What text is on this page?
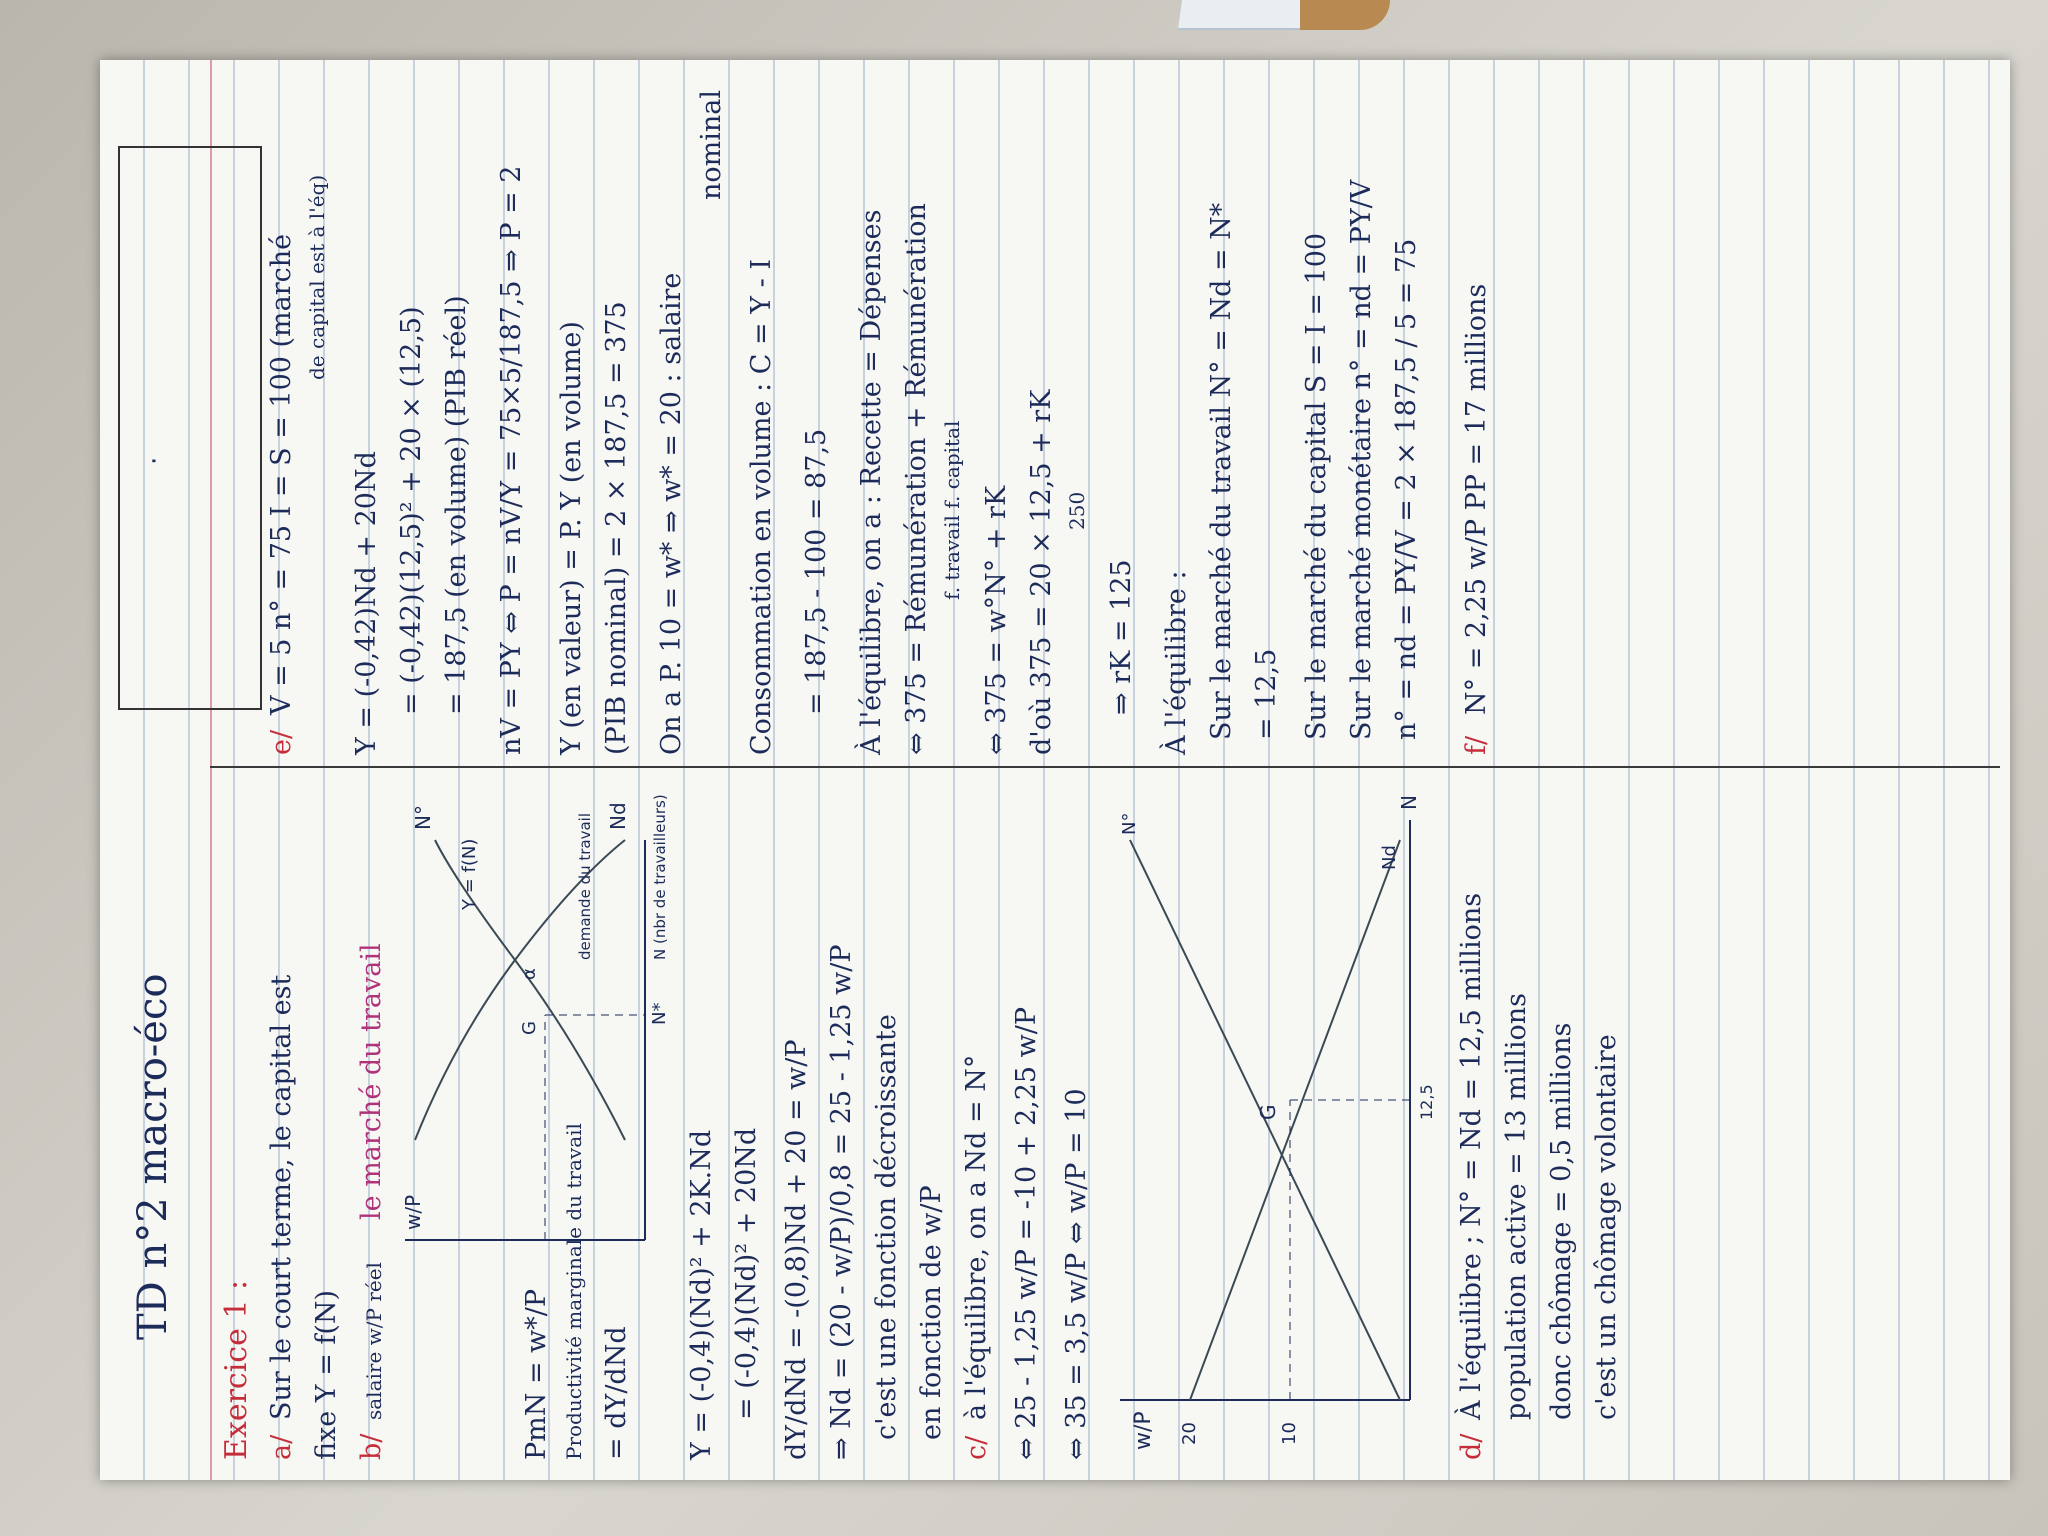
TD n°2 macro-éco
·
Exercice 1 : a/
Sur le court terme, le capital est fixe Y = f(N) b/
salaire w/P réel
le marché du travail
PmN = w*/P Productivité marginale du travail = dY/dNd
w/P
N°
Y = f(N)
G
α
demande du travail Nd
N*
N (nbr de travailleurs)
Y = (-0,4)(Nd)² + 2K.Nd = (-0,4)(Nd)² + 20Nd dY/dNd = -(0,8)Nd + 20 = w/P ⇒ Nd = (20 - w/P)/0,8 = 25 - 1,25 w/P c'est une fonction décroissante en fonction de w/P
c/
à l'équilibre, on a Nd = N° ⇔ 25 - 1,25 w/P = -10 + 2,25 w/P ⇔ 35 = 3,5 w/P ⇔ w/P = 10 w/P 20	10
G	12,5
N°
Nd
N
d/
À l'équilibre ; N° = Nd = 12,5 millions population active = 13 millions donc chômage = 0,5 millions c'est un chômage volontaire
e/
V = 5 n° = 75 I = S = 100 (marché de capital est à l'éq)
Y = (-0,42)Nd + 20Nd = (-0,42)(12,5)² + 20 × (12,5) = 187,5 (en volume) (PIB réel) nV = PY ⇔ P = nV/Y = 75×5/187,5 ⇒ P = 2 Y (en valeur) = P. Y (en volume) (PIB nominal) = 2 × 187,5 = 375 On a P. 10 = w* ⇒ w* = 20 : salaire
nominal
Consommation en volume : C = Y - I = 187,5 - 100 = 87,5 À l'équilibre, on a : Recette = Dépenses ⇔ 375 = Rémunération + Rémunération f. travail f. capital ⇔ 375 = w°N° + rK d'où 375 = 20 × 12,5 + rK 250
⇒ rK = 125 À l'équilibre : Sur le marché du travail N° = Nd = N* = 12,5 Sur le marché du capital S = I = 100 Sur le marché monétaire n° = nd = PY/V n° = nd = PY/V = 2 × 187,5 / 5 = 75
f/
N° = 2,25 w/P PP = 17 millions
